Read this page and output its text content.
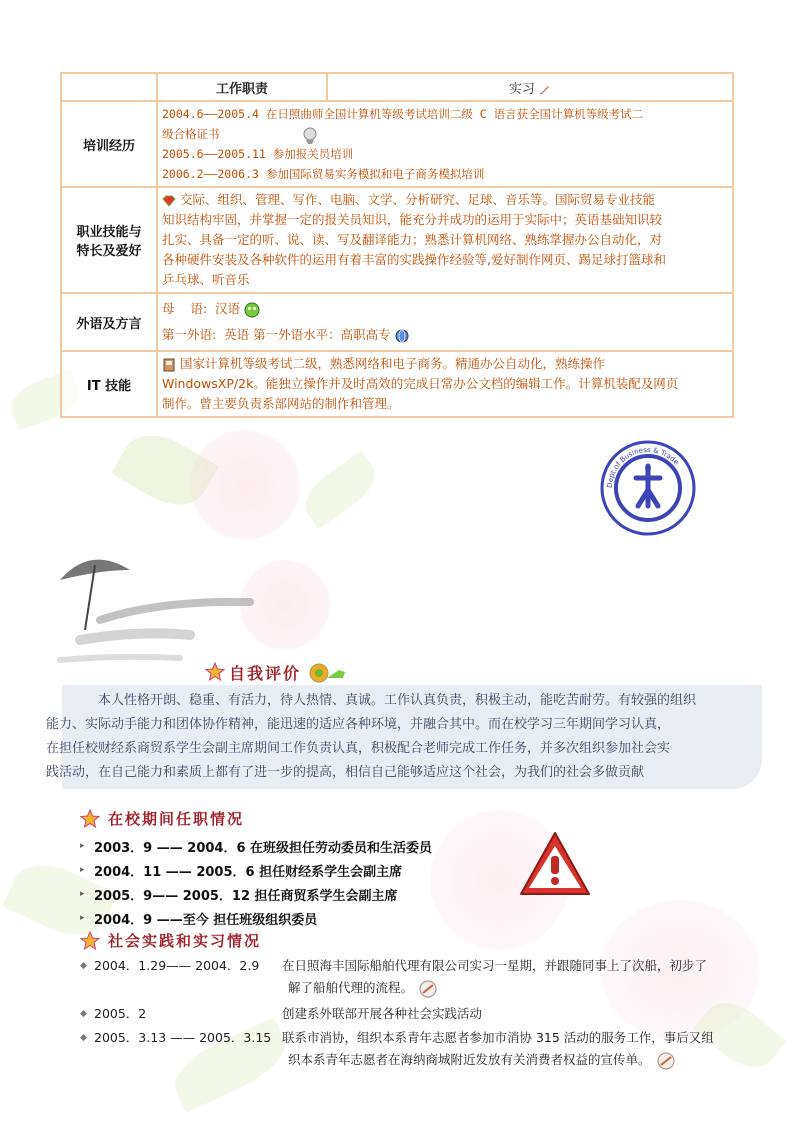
	工作职责	实习
培训经历	2004.6——2005.4 在日照曲师全国计算机等级考试培训二级 C 语言获全国计算机等级考试二
级合格证书
2005.6——2005.11 参加报关员培训
2006.2——2006.3 参加国际贸易实务模拟和电子商务模拟培训	

职业技能与
特长及爱好	交际、组织、管理、写作、电脑、文学、分析研究、足球、音乐等。国际贸易专业技能
知识结构牢固，并掌握一定的报关员知识，能充分并成功的运用于实际中；英语基础知识较
扎实、具备一定的听、说、读、写及翻译能力；熟悉计算机网络、熟练掌握办公自动化，对
各种硬件安装及各种软件的运用有着丰富的实践操作经验等,爱好制作网页、踢足球打篮球和
乒乓球、听音乐	

外语及方言	母    语:  汉语
第一外语:  英语 第一外语水平：高职高专	

IT 技能	国家计算机等级考试二级，熟悉网络和电子商务。精通办公自动化，熟练操作
WindowsXP/2k。能独立操作并及时高效的完成日常办公文档的编辑工作。计算机装配及网页
制作。曾主要负责系部网站的制作和管理。	
Dept.of Business & Trade
自我评价

本人性格开朗、稳重、有活力，待人热情、真诚。工作认真负责，积极主动，能吃苦耐劳。有较强的组织
能力、实际动手能力和团体协作精神，能迅速的适应各种环境，并融合其中。而在校学习三年期间学习认真，
在担任校财经系商贸系学生会副主席期间工作负责认真，积极配合老师完成工作任务，并多次组织参加社会实
践活动，在自己能力和素质上都有了进一步的提高，相信自己能够适应这个社会，为我们的社会多做贡献

在校期间任职情况
▸ 2003．9 —— 2004．6 在班级担任劳动委员和生活委员
▸ 2004．11 —— 2005．6 担任财经系学生会副主席
▸ 2005．9—— 2005．12 担任商贸系学生会副主席
▸ 2004．9 ——至今 担任班级组织委员
社会实践和实习情况
◆ 2004．1.29—— 2004．2.9 在日照海丰国际船舶代理有限公司实习一星期，并跟随同事上了次船，初步了
解了船舶代理的流程。
◆ 2005．2	创建系外联部开展各种社会实践活动
◆ 2005．3.13 —— 2005．3.15 联系市消协，组织本系青年志愿者参加市消协 315 活动的服务工作，事后又组
织本系青年志愿者在海纳商城附近发放有关消费者权益的宣传单。
